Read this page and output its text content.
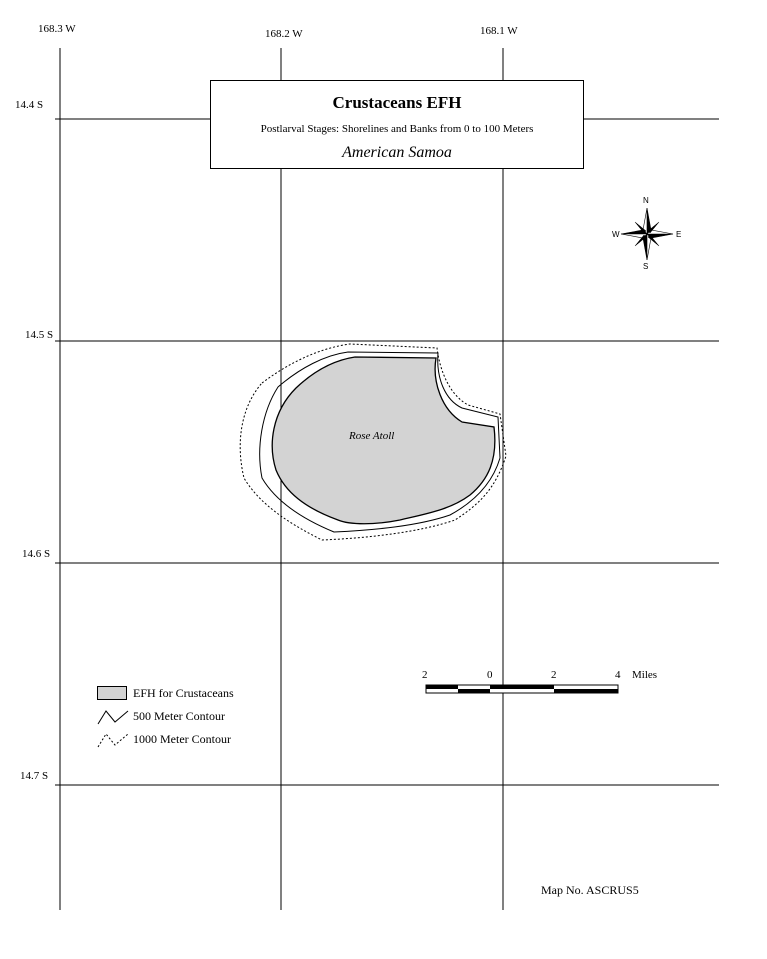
168.3 W	168.2 W	168.1 W
14.4 S
14.5 S
14.6 S
14.7 S
Crustaceans EFH
Postlarval Stages: Shorelines and Banks from 0 to 100 Meters
American Samoa
N
E
S
W
Rose Atoll
2	0	2	4 Miles
EFH for Crustaceans
500 Meter Contour
1000 Meter Contour
Map No. ASCRUS5
